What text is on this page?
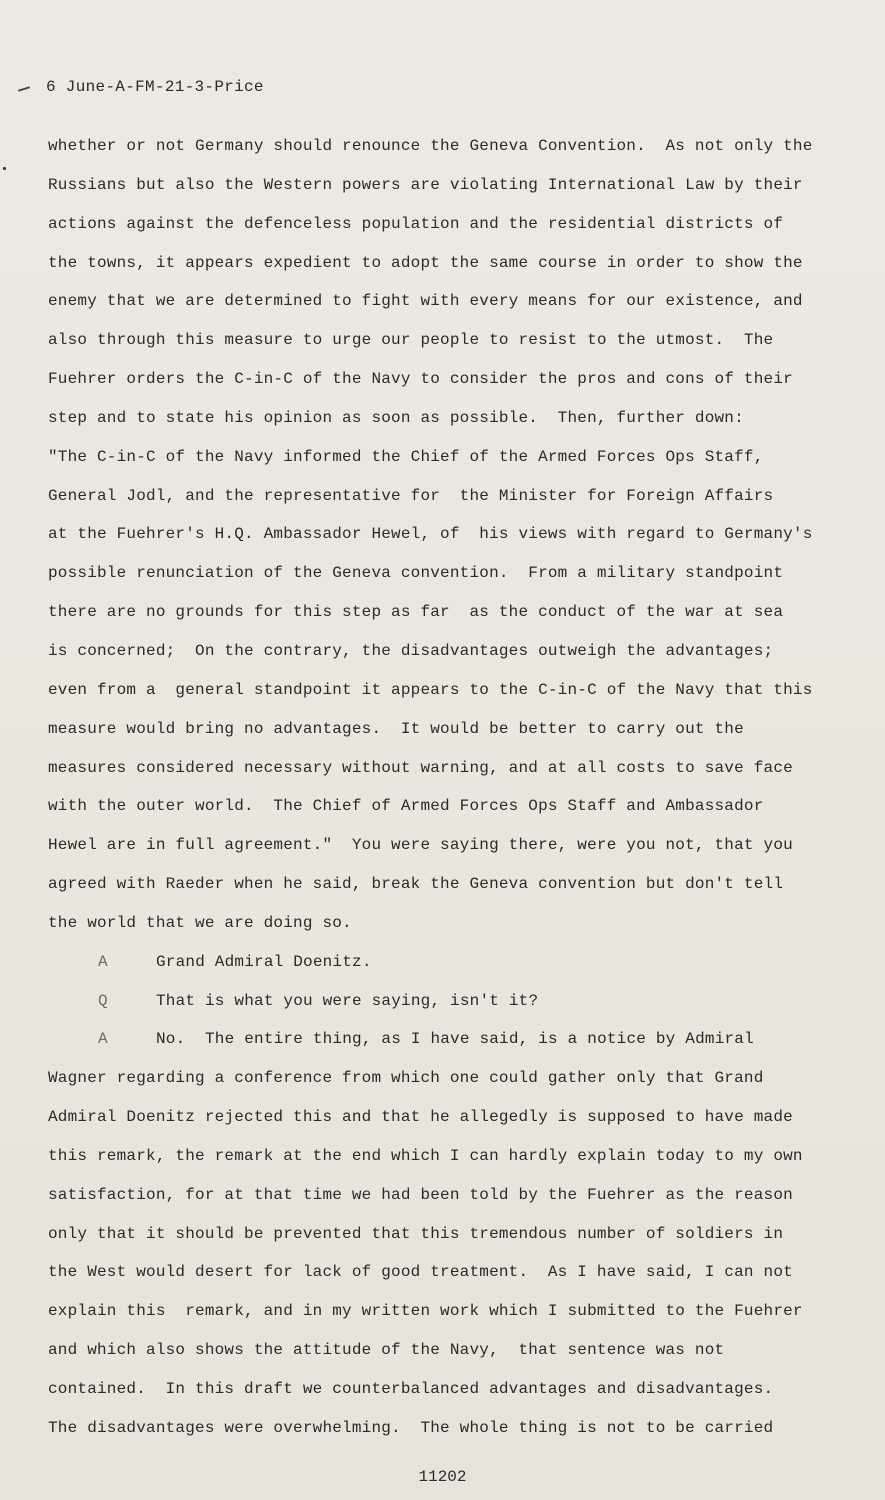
6 June-A-FM-21-3-Price
whether or not Germany should renounce the Geneva Convention.  As not only the
Russians but also the Western powers are violating International Law by their
actions against the defenceless population and the residential districts of
the towns, it appears expedient to adopt the same course in order to show the
enemy that we are determined to fight with every means for our existence, and
also through this measure to urge our people to resist to the utmost.  The
Fuehrer orders the C-in-C of the Navy to consider the pros and cons of their
step and to state his opinion as soon as possible.  Then, further down:
"The C-in-C of the Navy informed the Chief of the Armed Forces Ops Staff,
General Jodl, and the representative for  the Minister for Foreign Affairs
at the Fuehrer's H.Q. Ambassador Hewel, of  his views with regard to Germany's
possible renunciation of the Geneva convention.  From a military standpoint
there are no grounds for this step as far  as the conduct of the war at sea
is concerned;  On the contrary, the disadvantages outweigh the advantages;
even from a  general standpoint it appears to the C-in-C of the Navy that this
measure would bring no advantages.  It would be better to carry out the
measures considered necessary without warning, and at all costs to save face
with the outer world.  The Chief of Armed Forces Ops Staff and Ambassador
Hewel are in full agreement."  You were saying there, were you not, that you
agreed with Raeder when he said, break the Geneva convention but don't tell
the world that we are doing so.
A	Grand Admiral Doenitz.
Q	That is what you were saying, isn't it?
A	No.  The entire thing, as I have said, is a notice by Admiral
Wagner regarding a conference from which one could gather only that Grand
Admiral Doenitz rejected this and that he allegedly is supposed to have made
this remark, the remark at the end which I can hardly explain today to my own
satisfaction, for at that time we had been told by the Fuehrer as the reason
only that it should be prevented that this tremendous number of soldiers in
the West would desert for lack of good treatment.  As I have said, I can not
explain this  remark, and in my written work which I submitted to the Fuehrer
and which also shows the attitude of the Navy,  that sentence was not
contained.  In this draft we counterbalanced advantages and disadvantages.
The disadvantages were overwhelming.  The whole thing is not to be carried
11202
